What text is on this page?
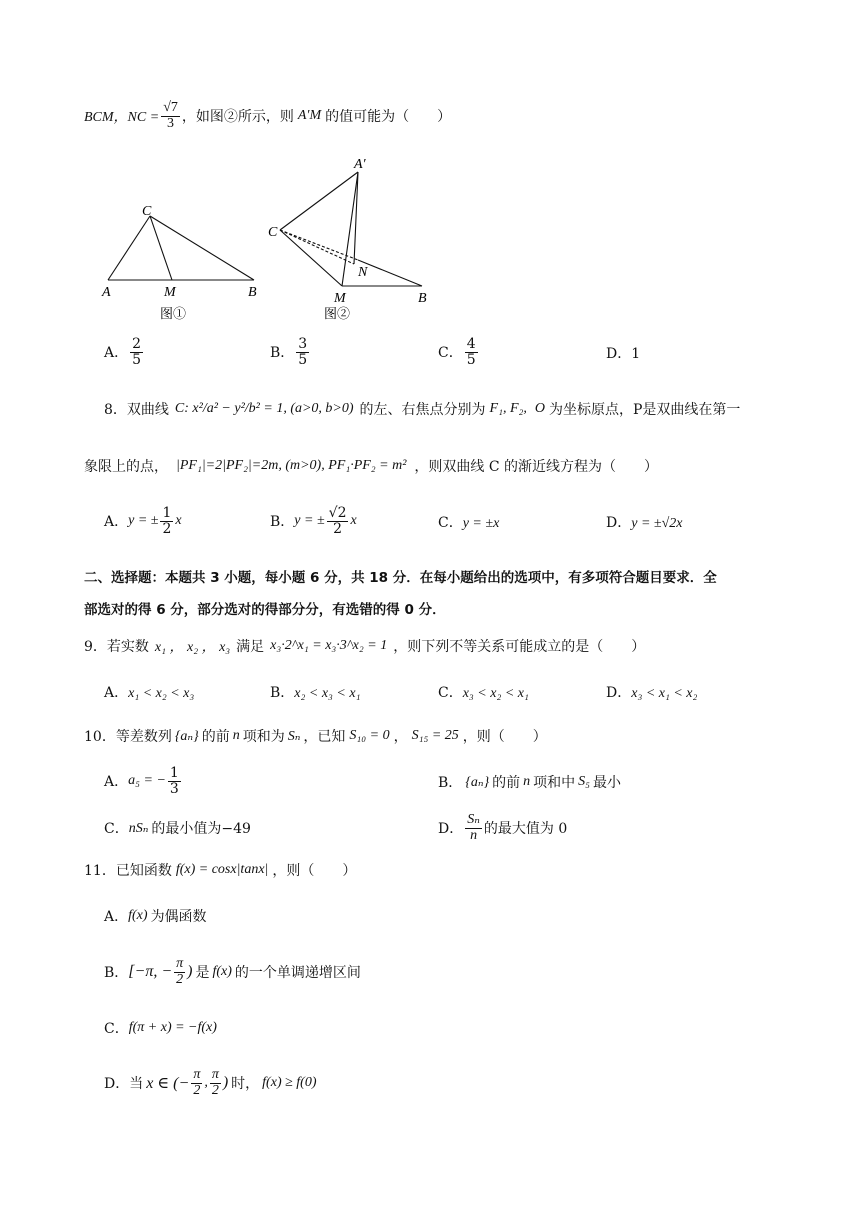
BCM，NC = $\frac{√7}{3}$ ，如图②所示，则 A′M 的值可能为（　　）
C
A	M	B
图①
A′
C
N
M	B
图②
A． $\frac{2}{5}$	B． $\frac{3}{5}$	C． $\frac{4}{5}$	D．1
8．双曲线 C: x²/a² − y²/b² = 1, (a>0, b>0) 的左、右焦点分别为 F₁, F₂, O 为坐标原点，P是双曲线在第一
象限上的点， |PF₁|=2|PF₂|=2m, (m>0), PF₁·PF₂ = m² ，则双曲线 C 的渐近线方程为（　　）
A． y = ± $\frac{1}{2}$ x	B． y = ± $\frac{√2}{2}$ x	C．y = ±x	D．y = ±√2x
二、选择题：本题共 3 小题，每小题 6 分，共 18 分．在每小题给出的选项中，有多项符合题目要求．全
部选对的得 6 分，部分选对的得部分分，有选错的得 0 分．
9．若实数 x₁ ， x₂ ， x₃ 满足 x₃·2^x₁ = x₃·3^x₂ = 1 ，则下列不等关系可能成立的是（　　）
A．x₁ < x₂ < x₃	B．x₂ < x₃ < x₁	C．x₃ < x₂ < x₁	D．x₃ < x₁ < x₂
10．等差数列 {aₙ} 的前 n 项和为 Sₙ ，已知 S₁₀ = 0 ， S₁₅ = 25 ，则（　　）
A． a₅ = − $\frac{1}{3}$	B． {aₙ} 的前 n 项和中 S₅ 最小
C． nSₙ 的最小值为−49	D． $\frac{\text{Sₙ}}{n}$ 的最大值为 0
11．已知函数 f(x) = cosx|tanx| ，则（　　）
A． f(x) 为偶函数
B． [−π, − $\frac{\pi}{2}$ ) 是 f(x) 的一个单调递增区间
C． f(π + x) = −f(x)
D． 当 x ∈ (− $\frac{\pi}{2}$ , $\frac{\pi}{2}$ ) 时， f(x) ≥ f(0)
